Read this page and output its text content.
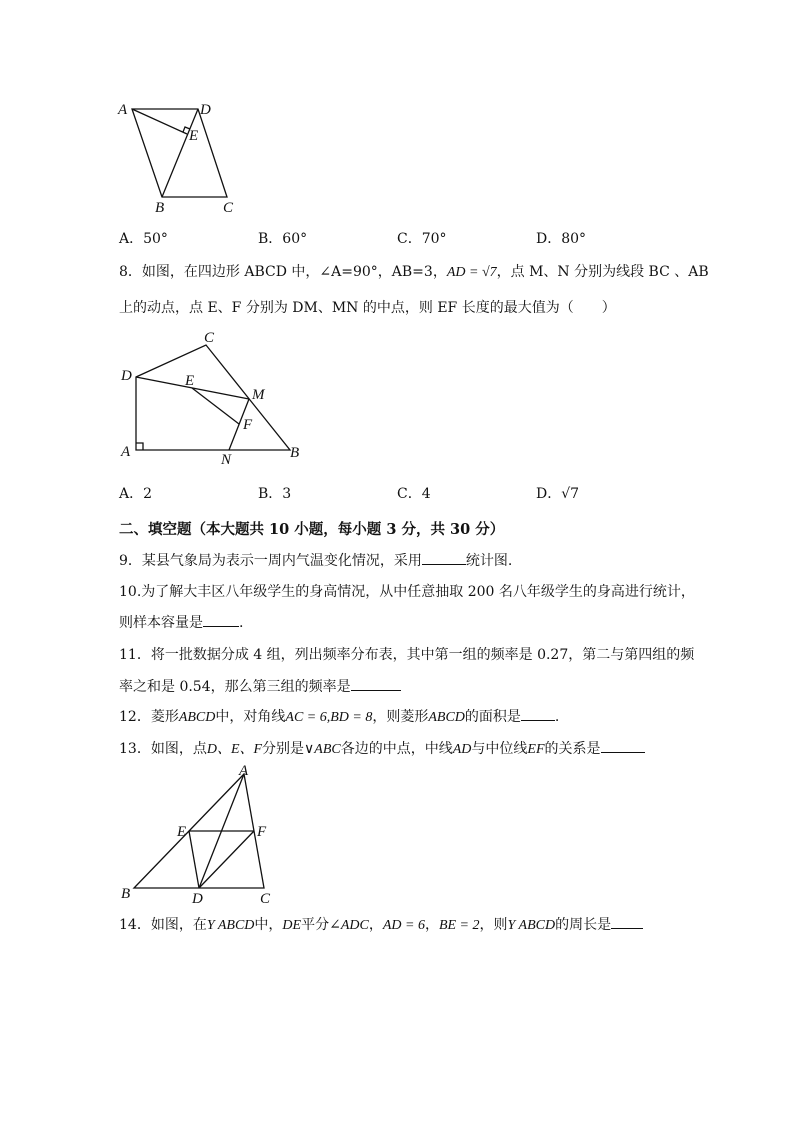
A	D
E
B	C
A．50°	B．60°	C．70°	D．80°
8．如图，在四边形 ABCD 中，∠A=90°，AB=3，AD = √7，点 M、N 分别为线段 BC 、AB
上的动点，点 E、F 分别为 DM、MN 的中点，则 EF 长度的最大值为（　　）
C
D	E
M
F
A	N	B
A．2	B．3	C．4	D．√7
二、填空题（本大题共 10 小题，每小题 3 分，共 30 分）
9．某县气象局为表示一周内气温变化情况，采用	统计图.
10.为了解大丰区八年级学生的身高情况，从中任意抽取 200 名八年级学生的身高进行统计，
则样本容量是	.
11．将一批数据分成 4 组，列出频率分布表，其中第一组的频率是 0.27，第二与第四组的频
率之和是 0.54，那么第三组的频率是
12．菱形ABCD中，对角线AC = 6,BD = 8，则菱形ABCD的面积是 .
13．如图，点D、E、F分别是∨ABC各边的中点，中线AD与中位线EF的关系是
A
E	F
B	D	C
14．如图，在Y ABCD中，DE平分∠ADC，AD = 6，BE = 2，则Y ABCD的周长是
